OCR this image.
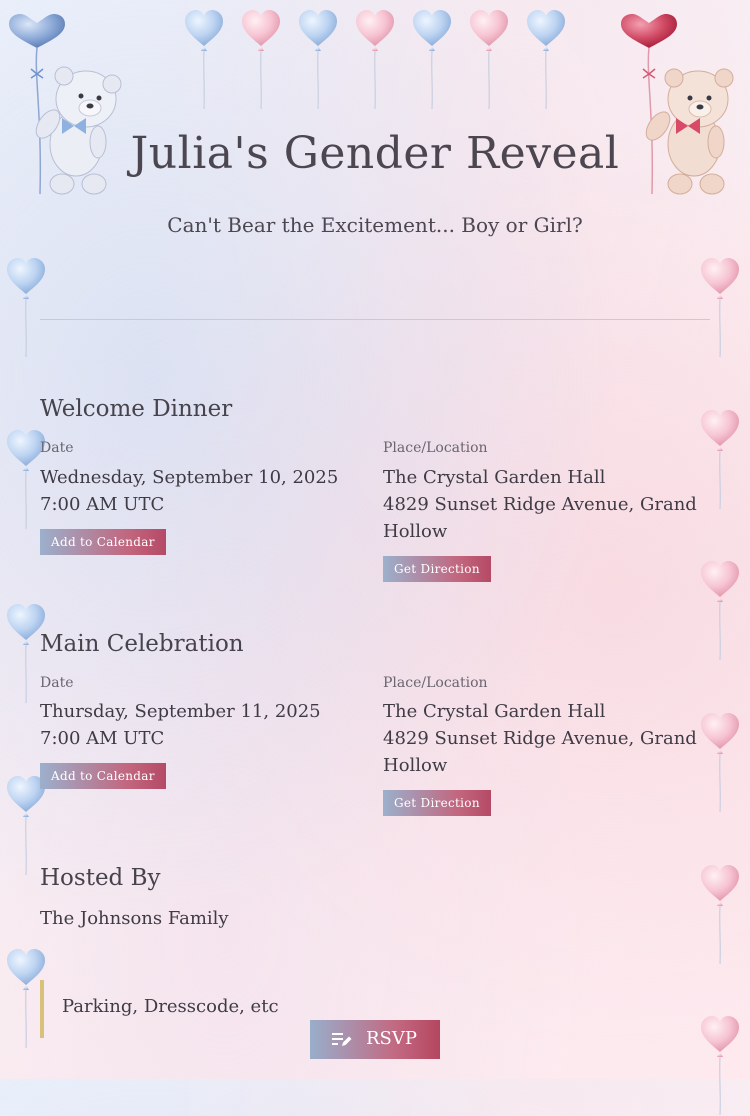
Julia's Gender Reveal
Can't Bear the Excitement... Boy or Girl?
Welcome Dinner
Date
Wednesday, September 10, 2025
7:00 AM UTC
Add to Calendar
Place/Location
The Crystal Garden Hall
4829 Sunset Ridge Avenue, Grand
Hollow
Get Direction
Main Celebration
Date
Thursday, September 11, 2025
7:00 AM UTC
Add to Calendar
Place/Location
The Crystal Garden Hall
4829 Sunset Ridge Avenue, Grand
Hollow
Get Direction
Hosted By
The Johnsons Family
Parking, Dresscode, etc
RSVP
